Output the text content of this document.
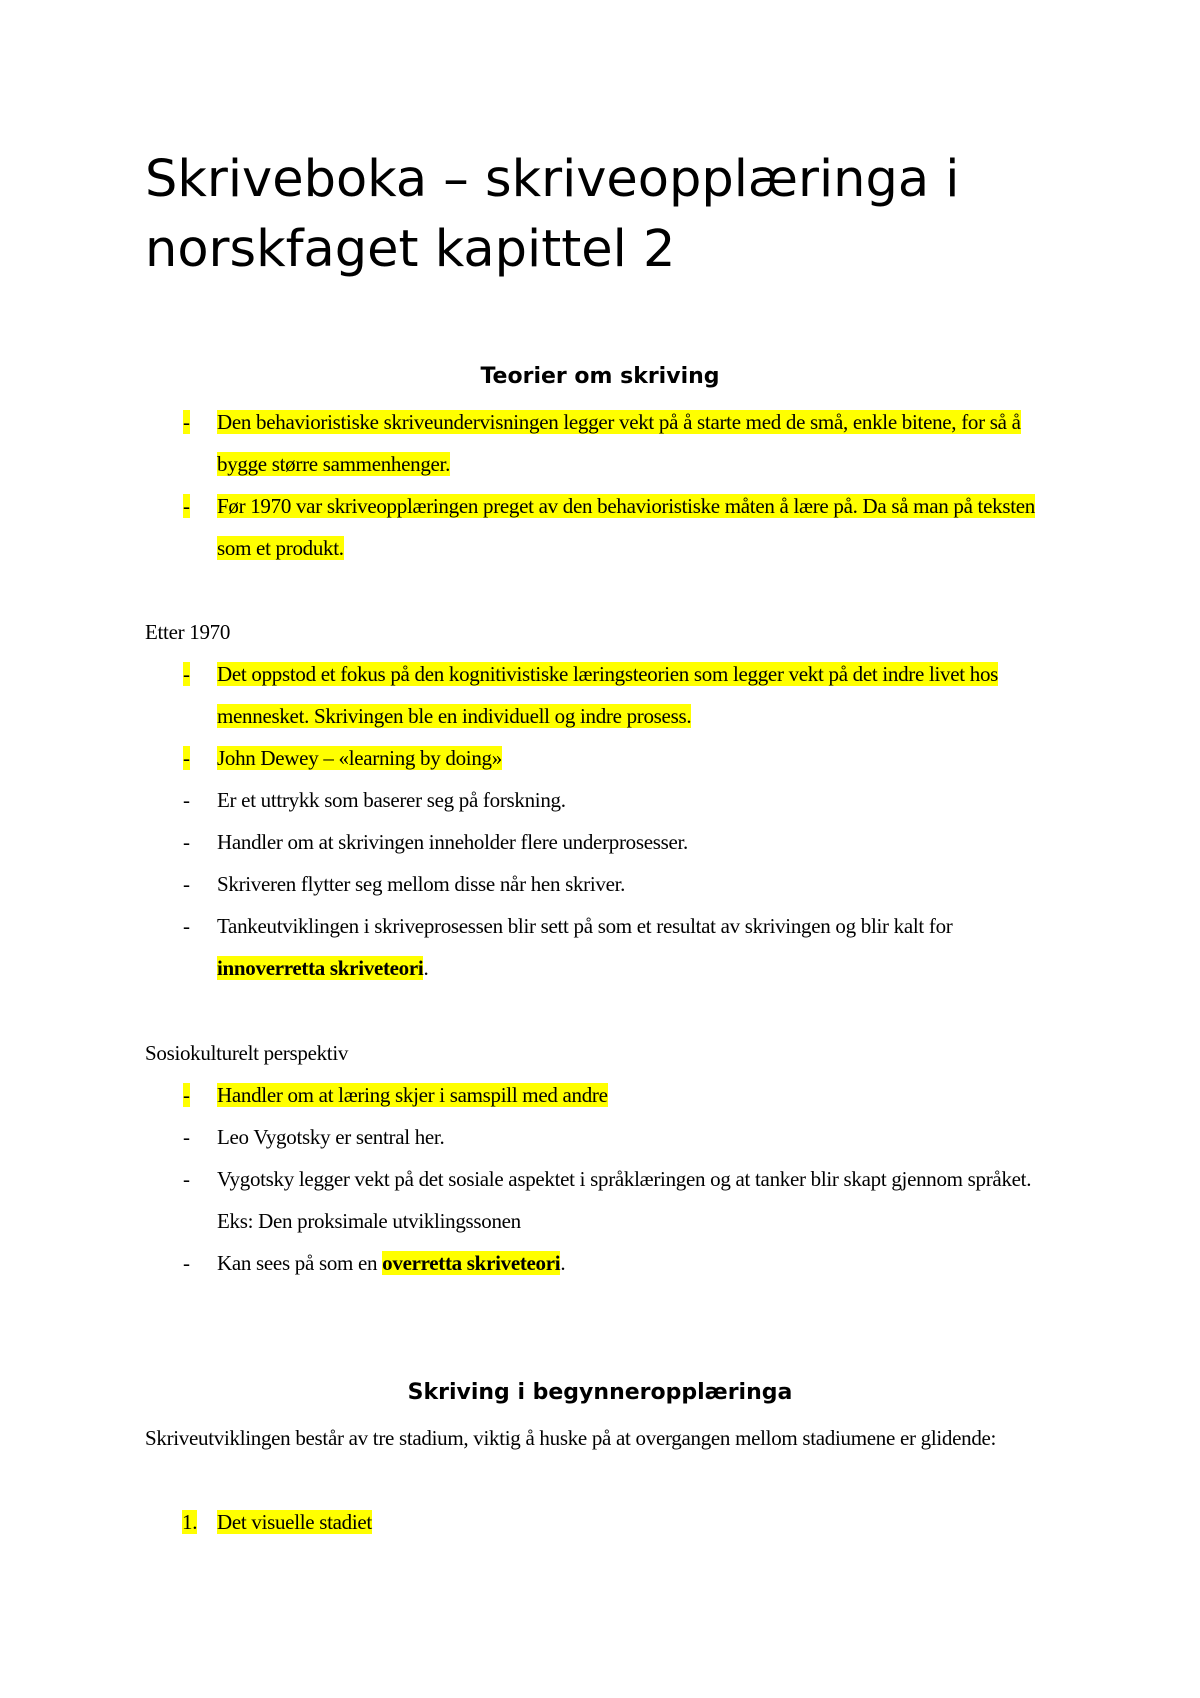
Skriveboka – skriveopplæringa i norskfaget kapittel 2
Teorier om skriving
- Den behavioristiske skriveundervisningen legger vekt på å starte med de små, enkle bitene, for så å bygge større sammenhenger.
- Før 1970 var skriveopplæringen preget av den behavioristiske måten å lære på. Da så man på teksten som et produkt.

Etter 1970

- Det oppstod et fokus på den kognitivistiske læringsteorien som legger vekt på det indre livet hos mennesket. Skrivingen ble en individuell og indre prosess.
- John Dewey – «learning by doing»
- Er et uttrykk som baserer seg på forskning.
- Handler om at skrivingen inneholder flere underprosesser.
- Skriveren flytter seg mellom disse når hen skriver.
- Tankeutviklingen i skriveprosessen blir sett på som et resultat av skrivingen og blir kalt for innoverretta skriveteori.

Sosiokulturelt perspektiv

- Handler om at læring skjer i samspill med andre
- Leo Vygotsky er sentral her.
- Vygotsky legger vekt på det sosiale aspektet i språklæringen og at tanker blir skapt gjennom språket. Eks: Den proksimale utviklingssonen
- Kan sees på som en overretta skriveteori.
Skriving i begynneropplæringa

Skriveutviklingen består av tre stadium, viktig å huske på at overgangen mellom stadiumene er glidende:

1. Det visuelle stadiet
